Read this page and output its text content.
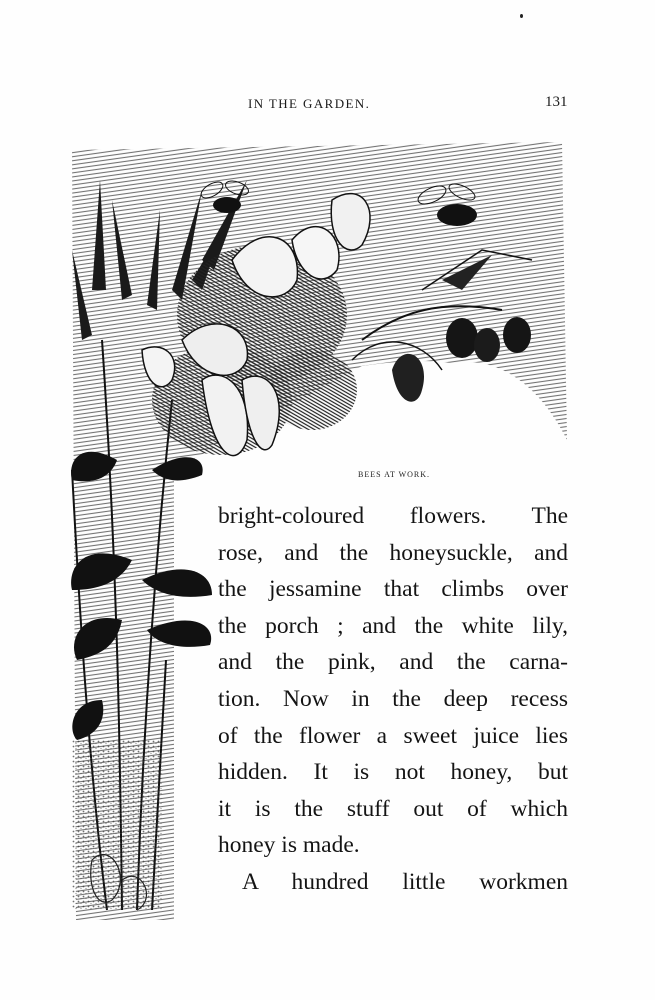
IN THE GARDEN.	131
BEES AT WORK.
bright-coloured flowers. The
rose, and the honeysuckle, and
the jessamine that climbs over
the porch ; and the white lily,
and the pink, and the carna-
tion. Now in the deep recess
of the flower a sweet juice lies
hidden. It is not honey, but
it is the stuff out of which
honey is made.
A hundred little workmen
